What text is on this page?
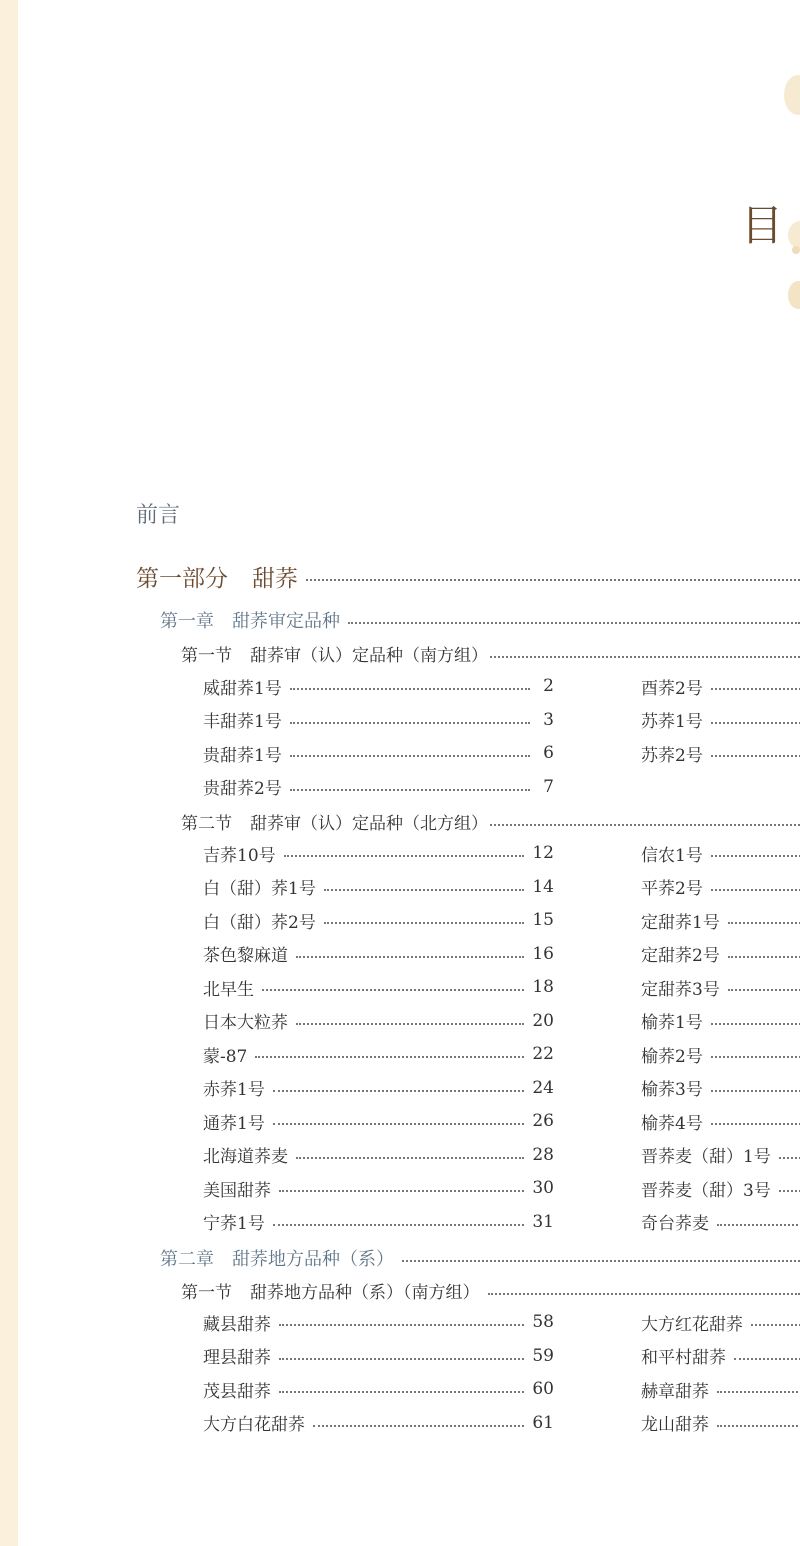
目
前言
第一部分 甜荞
第一章 甜荞审定品种
第一节 甜荞审（认）定品种（南方组）
威甜荞1号	2
丰甜荞1号	3
贵甜荞1号	6
贵甜荞2号	7
酉荞2号
苏荞1号
苏荞2号
第二节 甜荞审（认）定品种（北方组）
吉荞10号	12
白（甜）荞1号	14
白（甜）荞2号	15
茶色黎麻道	16
北早生	18
日本大粒荞	20
蒙-87	22
赤荞1号	24
通荞1号	26
北海道荞麦	28
美国甜荞	30
宁荞1号	31
信农1号
平荞2号
定甜荞1号
定甜荞2号
定甜荞3号
榆荞1号
榆荞2号
榆荞3号
榆荞4号
晋荞麦（甜）1号
晋荞麦（甜）3号
奇台荞麦
第二章 甜荞地方品种（系）
第一节 甜荞地方品种（系）（南方组）
藏县甜荞	58
理县甜荞	59
茂县甜荞	60
大方白花甜荞	61
大方红花甜荞
和平村甜荞
赫章甜荞
龙山甜荞
